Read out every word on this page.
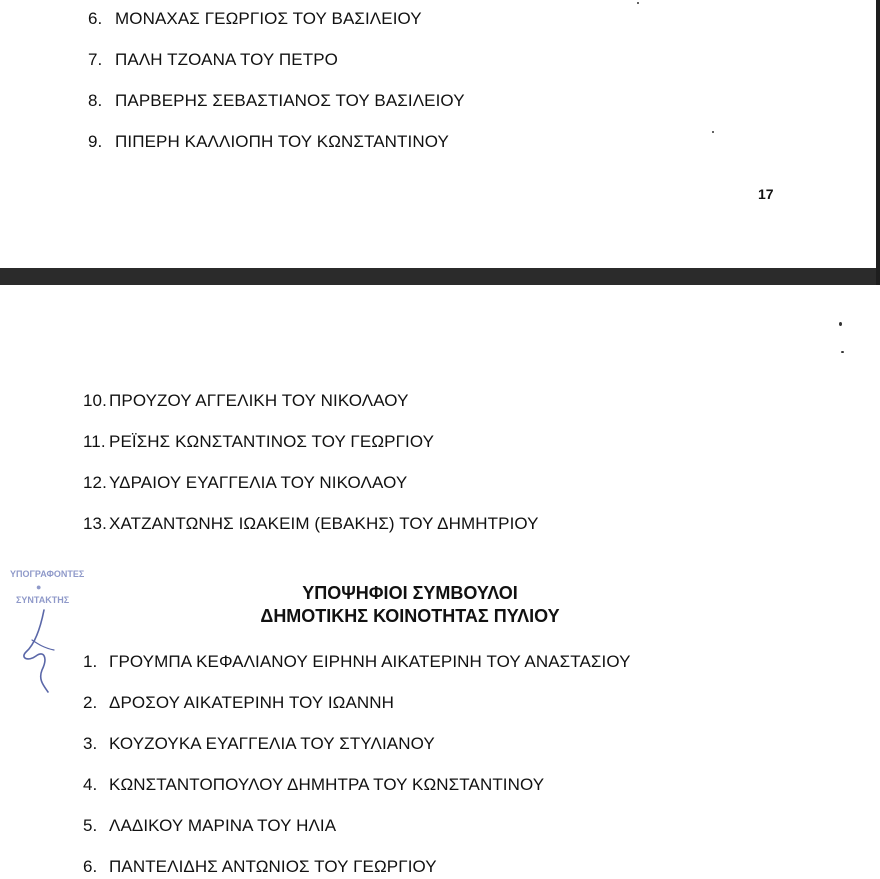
6. ΜΟΝΑΧΑΣ ΓΕΩΡΓΙΟΣ ΤΟΥ ΒΑΣΙΛΕΙΟΥ
7. ΠΑΛΗ ΤΖΟΑΝΑ ΤΟΥ ΠΕΤΡΟ
8. ΠΑΡΒΕΡΗΣ ΣΕΒΑΣΤΙΑΝΟΣ ΤΟΥ ΒΑΣΙΛΕΙΟΥ
9. ΠΙΠΕΡΗ ΚΑΛΛΙΟΠΗ ΤΟΥ ΚΩΝΣΤΑΝΤΙΝΟΥ
17
10. ΠΡΟΥΖΟΥ ΑΓΓΕΛΙΚΗ ΤΟΥ ΝΙΚΟΛΑΟΥ
11. ΡΕΪΣΗΣ ΚΩΝΣΤΑΝΤΙΝΟΣ ΤΟΥ ΓΕΩΡΓΙΟΥ
12. ΥΔΡΑΙΟΥ ΕΥΑΓΓΕΛΙΑ ΤΟΥ ΝΙΚΟΛΑΟΥ
13. ΧΑΤΖΑΝΤΩΝΗΣ ΙΩΑΚΕΙΜ (ΕΒΑΚΗΣ) ΤΟΥ ΔΗΜΗΤΡΙΟΥ
ΥΠΟΓΡΑΦΟΝΤΕΣ
●
ΣΥΝΤΑΚΤΗΣ	ΥΠΟΨΗΦΙΟΙ ΣΥΜΒΟΥΛΟΙ
ΔΗΜΟΤΙΚΗΣ ΚΟΙΝΟΤΗΤΑΣ ΠΥΛΙΟΥ
1. ΓΡΟΥΜΠΑ ΚΕΦΑΛΙΑΝΟΥ ΕΙΡΗΝΗ ΑΙΚΑΤΕΡΙΝΗ ΤΟΥ ΑΝΑΣΤΑΣΙΟΥ
2. ΔΡΟΣΟΥ ΑΙΚΑΤΕΡΙΝΗ ΤΟΥ ΙΩΑΝΝΗ
3. ΚΟΥΖΟΥΚΑ ΕΥΑΓΓΕΛΙΑ ΤΟΥ ΣΤΥΛΙΑΝΟΥ
4. ΚΩΝΣΤΑΝΤΟΠΟΥΛΟΥ ΔΗΜΗΤΡΑ ΤΟΥ ΚΩΝΣΤΑΝΤΙΝΟΥ
5. ΛΑΔΙΚΟΥ ΜΑΡΙΝΑ ΤΟΥ ΗΛΙΑ
6. ΠΑΝΤΕΛΙΔΗΣ ΑΝΤΩΝΙΟΣ ΤΟΥ ΓΕΩΡΓΙΟΥ
